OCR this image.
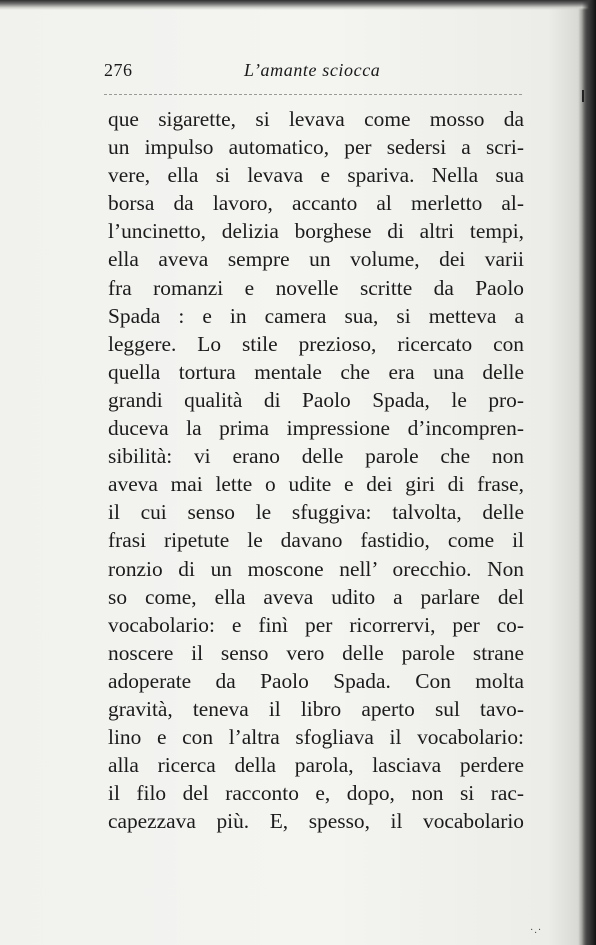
276	L’amante sciocca
que sigarette, si levava come mosso da
un impulso automatico, per sedersi a scri-
vere, ella si levava e spariva. Nella sua
borsa da lavoro, accanto al merletto al-
l’uncinetto, delizia borghese di altri tempi,
ella aveva sempre un volume, dei varii
fra romanzi e novelle scritte da Paolo
Spada : e in camera sua, si metteva a
leggere. Lo stile prezioso, ricercato con
quella tortura mentale che era una delle
grandi qualità di Paolo Spada, le pro-
duceva la prima impressione d’incompren-
sibilità: vi erano delle parole che non
aveva mai lette o udite e dei giri di frase,
il cui senso le sfuggiva: talvolta, delle
frasi ripetute le davano fastidio, come il
ronzio di un moscone nell’ orecchio. Non
so come, ella aveva udito a parlare del
vocabolario: e finì per ricorrervi, per co-
noscere il senso vero delle parole strane
adoperate da Paolo Spada. Con molta
gravità, teneva il libro aperto sul tavo-
lino e con l’altra sfogliava il vocabolario:
alla ricerca della parola, lasciava perdere
il filo del racconto e, dopo, non si rac-
capezzava più. E, spesso, il vocabolario
·.·
